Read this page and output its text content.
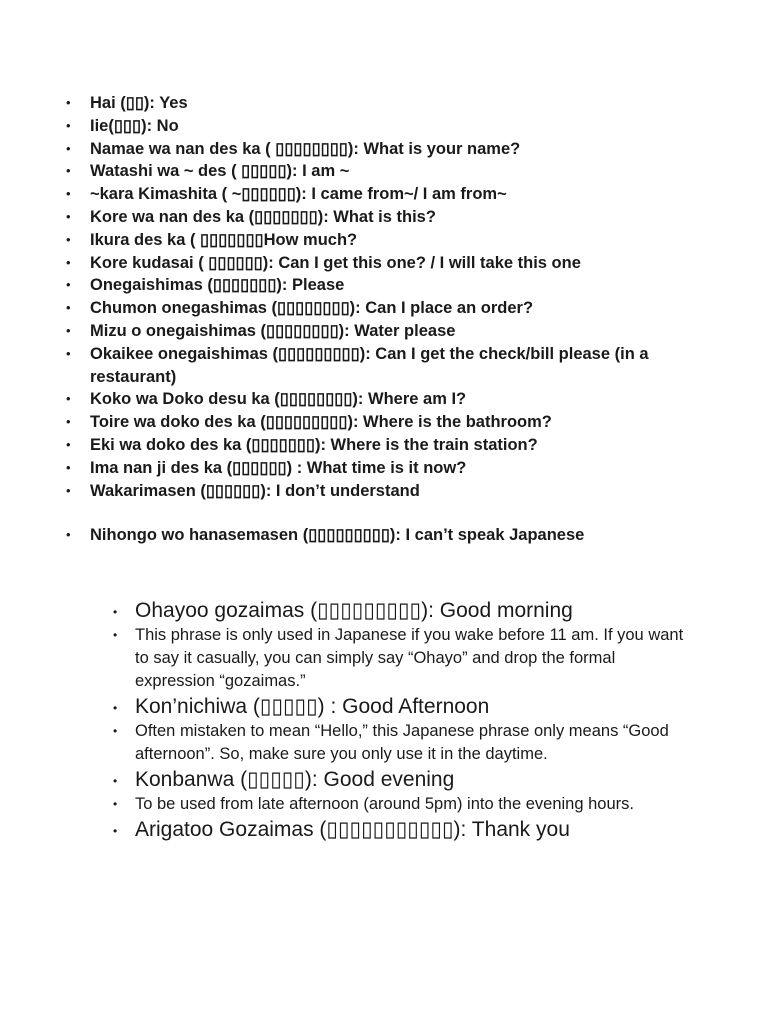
• Hai (▯▯): Yes
• Iie(▯▯▯): No
• Namae wa nan des ka ( ▯▯▯▯▯▯▯▯): What is your name?
• Watashi wa ~ des ( ▯▯▯▯▯): I am ~
• ~kara Kimashita ( ~▯▯▯▯▯▯): I came from~/ I am from~
• Kore wa nan des ka (▯▯▯▯▯▯▯): What is this?
• Ikura des ka ( ▯▯▯▯▯▯▯How much?
• Kore kudasai ( ▯▯▯▯▯▯): Can I get this one? / I will take this one
• Onegaishimas (▯▯▯▯▯▯▯): Please
• Chumon onegashimas (▯▯▯▯▯▯▯▯): Can I place an order?
• Mizu o onegaishimas (▯▯▯▯▯▯▯▯): Water please
• Okaikee onegaishimas (▯▯▯▯▯▯▯▯▯): Can I get the check/bill please (in a restaurant)
• Koko wa Doko desu ka (▯▯▯▯▯▯▯▯): Where am I?
• Toire wa doko des ka (▯▯▯▯▯▯▯▯▯): Where is the bathroom?
• Eki wa doko des ka (▯▯▯▯▯▯▯): Where is the train station?
• Ima nan ji des ka (▯▯▯▯▯▯) : What time is it now?
• Wakarimasen (▯▯▯▯▯▯): I don’t understand
• Nihongo wo hanasemasen (▯▯▯▯▯▯▯▯▯): I can’t speak Japanese
• Ohayoo gozaimas (▯▯▯▯▯▯▯▯▯): Good morning
• This phrase is only used in Japanese if you wake before 11 am. If you want to say it casually, you can simply say “Ohayo” and drop the formal expression “gozaimas.”
• Kon’nichiwa (▯▯▯▯▯) : Good Afternoon
• Often mistaken to mean “Hello,” this Japanese phrase only means “Good afternoon”. So, make sure you only use it in the daytime.
• Konbanwa (▯▯▯▯▯): Good evening
• To be used from late afternoon (around 5pm) into the evening hours.
• Arigatoo Gozaimas (▯▯▯▯▯▯▯▯▯▯▯): Thank you
